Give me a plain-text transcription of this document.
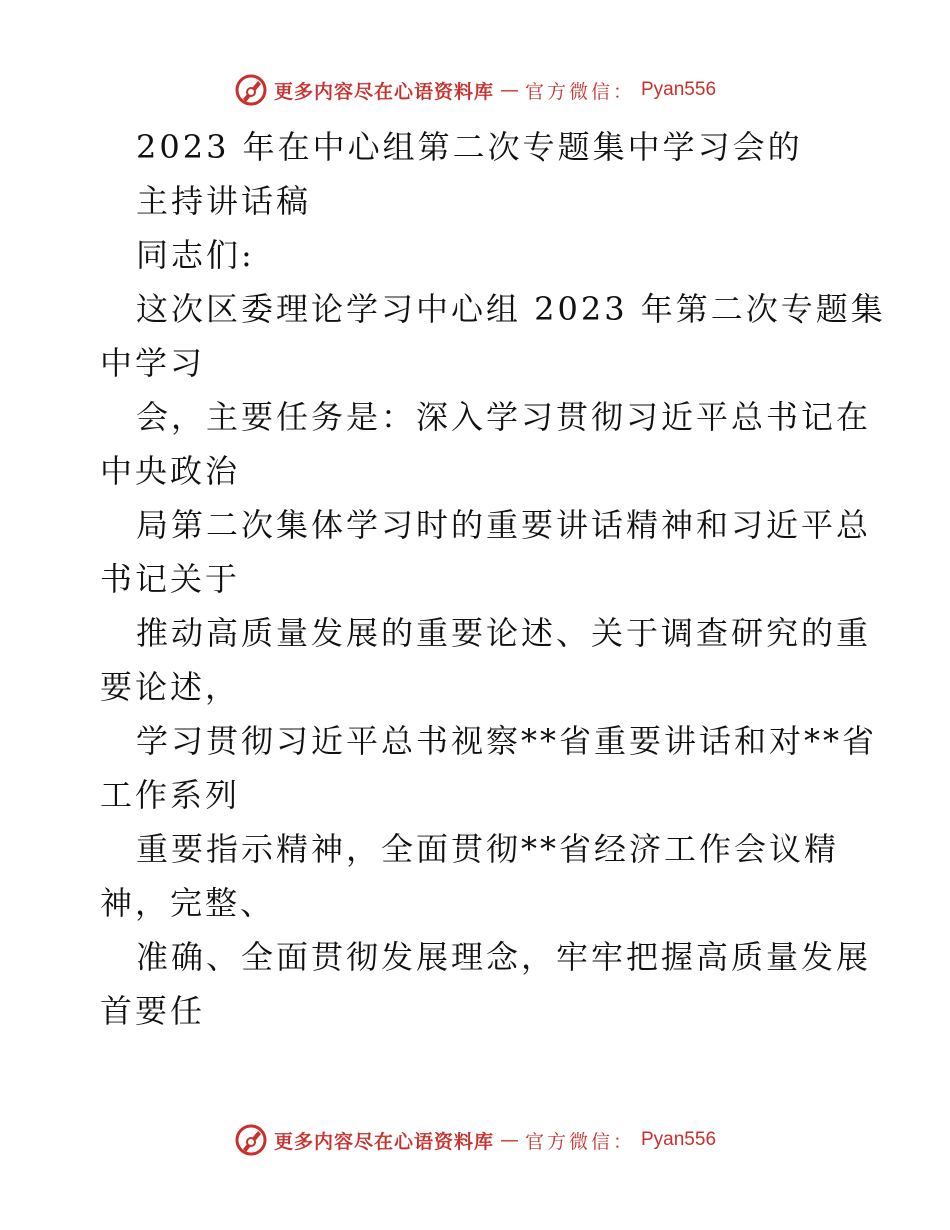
更多内容尽在心语资料库 — 官方微信： Pyan556
2023 年在中心组第二次专题集中学习会的
主持讲话稿
同志们:
这次区委理论学习中心组 2023 年第二次专题集
中学习
会，主要任务是：深入学习贯彻习近平总书记在
中央政治
局第二次集体学习时的重要讲话精神和习近平总
书记关于
推动高质量发展的重要论述、关于调查研究的重
要论述，
学习贯彻习近平总书视察**省重要讲话和对**省
工作系列
重要指示精神，全面贯彻**省经济工作会议精
神，完整、
准确、全面贯彻发展理念，牢牢把握高质量发展
首要任
更多内容尽在心语资料库 — 官方微信： Pyan556
